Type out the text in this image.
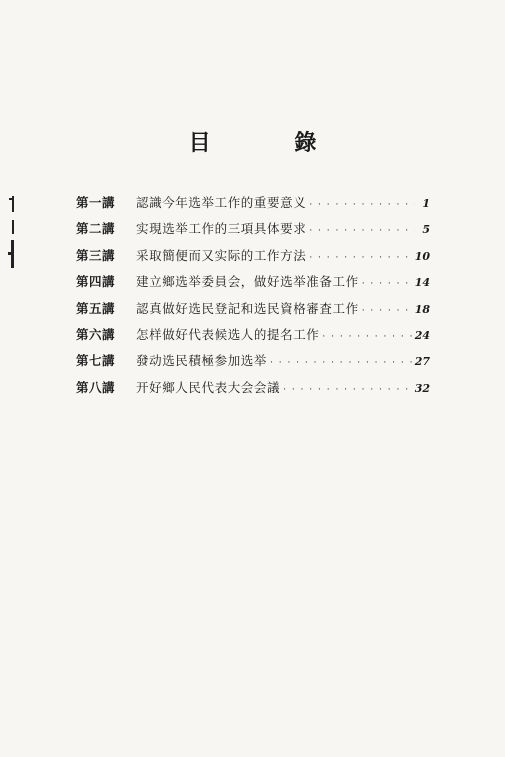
目 錄
第一講	認識今年选举工作的重要意义 · · ·	1
第二講	实現选举工作的三項具体要求 · · ·	5
第三講	采取簡便而又实际的工作方法 · · ·	10
第四講	建立鄉选举委員会，做好选举准备工作 · · ·	14
第五講	認真做好选民登記和选民資格審査工作 · · ·	18
第六講	怎样做好代表候选人的提名工作 · · ·	24
第七講	發动选民積極参加选举 · · ·	27
第八講	开好鄉人民代表大会会議 · · ·	32
